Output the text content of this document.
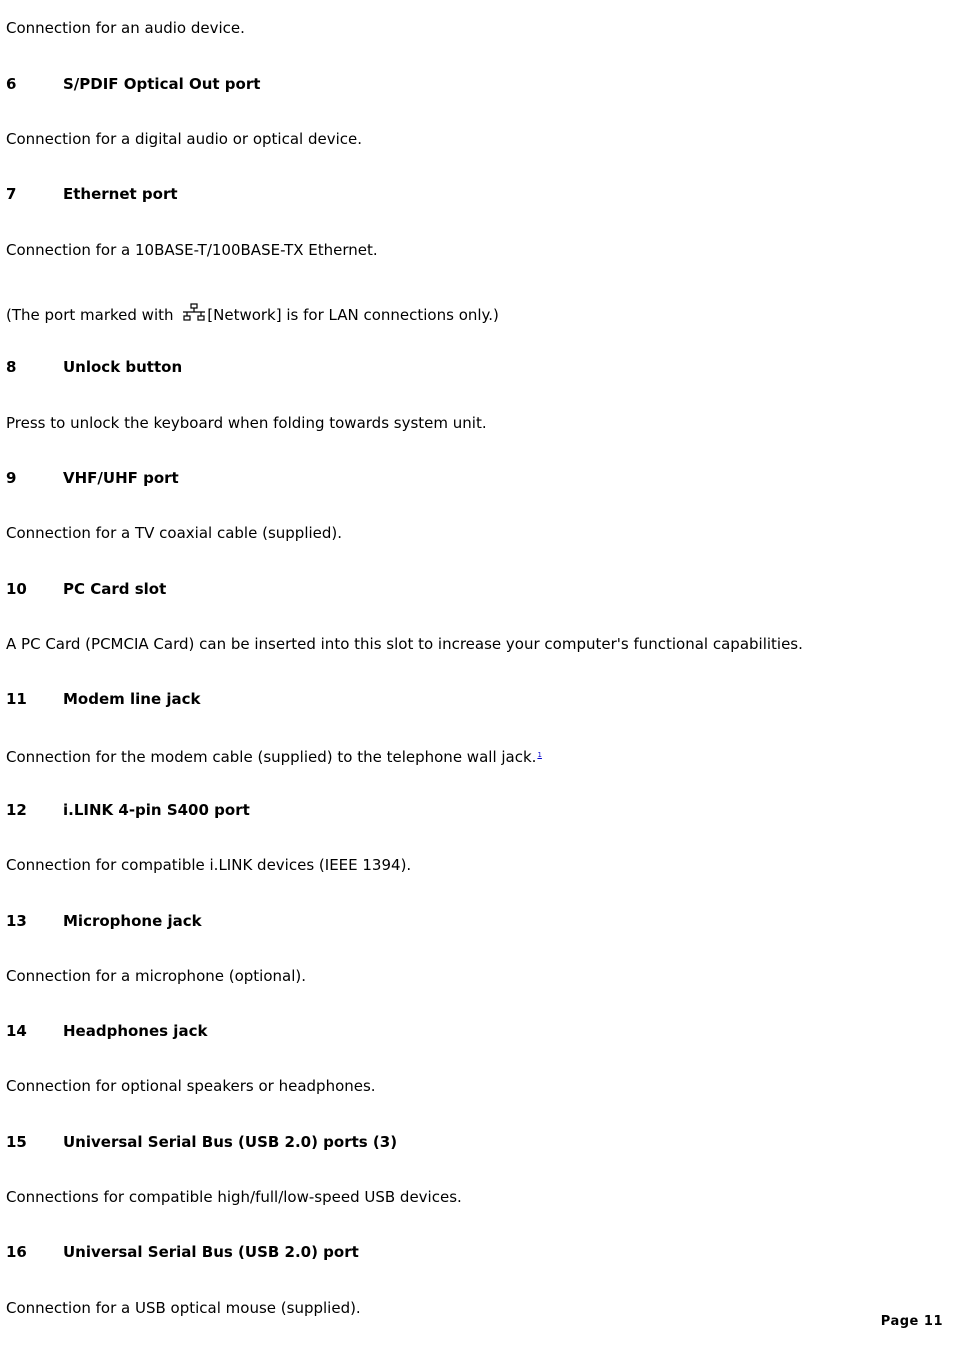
Connection for an audio device.
6	S/PDIF Optical Out port
Connection for a digital audio or optical device.
7	Ethernet port
Connection for a 10BASE-T/100BASE-TX Ethernet.
(The port marked with [Network] is for LAN connections only.)
8	Unlock button
Press to unlock the keyboard when folding towards system unit.
9	VHF/UHF port
Connection for a TV coaxial cable (supplied).
10 PC Card slot
A PC Card (PCMCIA Card) can be inserted into this slot to increase your computer's functional capabilities.
11 Modem line jack
Connection for the modem cable (supplied) to the telephone wall jack.$^1$
12 i.LINK 4-pin S400 port
Connection for compatible i.LINK devices (IEEE 1394).
13 Microphone jack
Connection for a microphone (optional).
14 Headphones jack
Connection for optional speakers or headphones.
15 Universal Serial Bus (USB 2.0) ports (3)
Connections for compatible high/full/low-speed USB devices.
16 Universal Serial Bus (USB 2.0) port
Connection for a USB optical mouse (supplied).
Page 11
